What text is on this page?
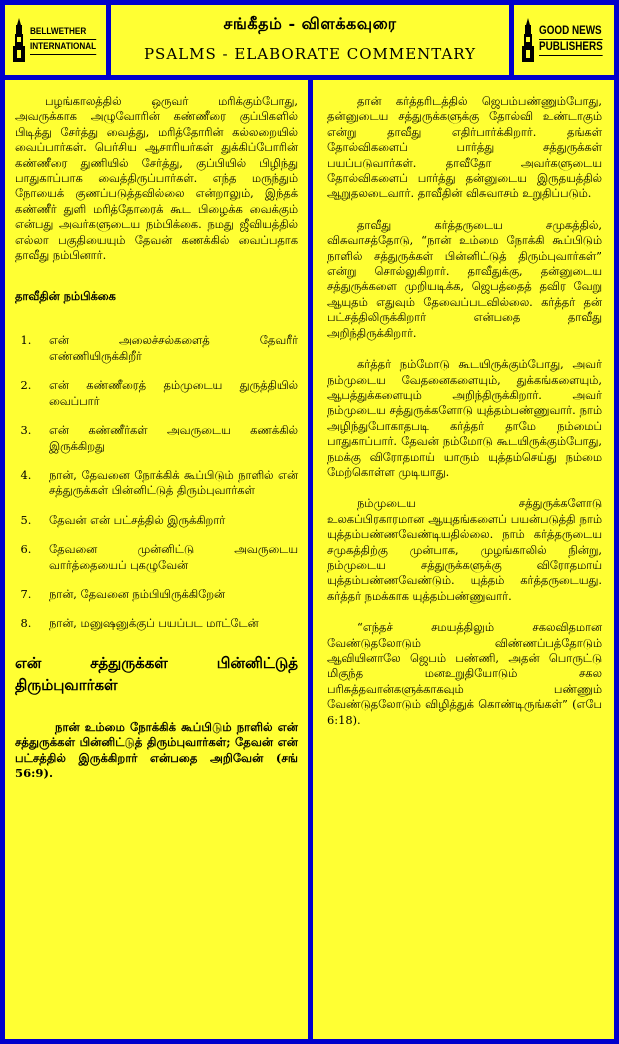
BELLWETHER
INTERNATIONAL
சங்கீதம் - விளக்கவுரை
PSALMS - ELABORATE COMMENTARY
GOOD NEWS
PUBLISHERS

பழங்காலத்தில் ஒருவர் மரிக்கும்போது, அவருக்காக அழுவோரின் கண்ணீரை குப்பிகளில் பிடித்து சேர்த்து வைத்து, மரித்தோரின் கல்லறையில் வைப்பார்கள். பெர்சிய ஆசாரியர்கள் துக்கிப்போரின் கண்ணீரை துணியில் சேர்த்து, குப்பியில் பிழிந்து பாதுகாப்பாக வைத்திருப்பார்கள். எந்த மருந்தும் நோயைக் குணப்படுத்தவில்லை என்றாலும், இந்தக் கண்ணீர் துளி மரித்தோரைக் கூட பிழைக்க வைக்கும் என்பது அவர்களுடைய நம்பிக்கை. நமது ஜீவியத்தில் எல்லா பகுதியையும் தேவன் கணக்கில் வைப்பதாக தாவீது நம்பினார்.

தாவீதின் நம்பிக்கை
1. என் அலைச்சல்களைத் தேவரீர் எண்ணியிருக்கிறீர்
2. என் கண்ணீரைத் தம்முடைய துருத்தியில் வைப்பார்
3. என் கண்ணீர்கள் அவருடைய கணக்கில் இருக்கிறது
4. நான், தேவனை நோக்கிக் கூப்பிடும் நாளில் என் சத்துருக்கள் பின்னிட்டுத் திரும்புவார்கள்
5. தேவன் என் பட்சத்தில் இருக்கிறார்
6. தேவனை முன்னிட்டு அவருடைய வார்த்தையைப் புகழுவேன்
7. நான், தேவனை நம்பியிருக்கிறேன்
8. நான், மனுஷனுக்குப் பயப்பட மாட்டேன்
என் சத்துருக்கள் பின்னிட்டுத் திரும்புவார்கள்

நான் உம்மை நோக்கிக் கூப்பிடும் நாளில் என் சத்துருக்கள் பின்னிட்டுத் திரும்புவார்கள்; தேவன் என் பட்சத்தில் இருக்கிறார் என்பதை அறிவேன் (சங் 56:9).

தான் கர்த்தரிடத்தில் ஜெபம்பண்ணும்போது, தன்னுடைய சத்துருக்களுக்கு தோல்வி உண்டாகும் என்று தாவீது எதிர்பார்க்கிறார். தங்கள் தோல்விகளைப் பார்த்து சத்துருக்கள் பயப்படுவார்கள். தாவீதோ அவர்களுடைய தோல்விகளைப் பார்த்து தன்னுடைய இருதயத்தில் ஆறுதலடைவார். தாவீதின் விசுவாசம் உறுதிப்படும்.

தாவீது கர்த்தருடைய சமுகத்தில், விசுவாசத்தோடு, “நான் உம்மை நோக்கி கூப்பிடும் நாளில் சத்துருக்கள் பின்னிட்டுத் திரும்புவார்கள்” என்று சொல்லுகிறார். தாவீதுக்கு, தன்னுடைய சத்துருக்களை முறியடிக்க, ஜெபத்தைத் தவிர வேறு ஆயுதம் எதுவும் தேவைப்படவில்லை. கர்த்தர் தன் பட்சத்திலிருக்கிறார் என்பதை தாவீது அறிந்திருக்கிறார்.

கர்த்தர் நம்மோடு கூடயிருக்கும்போது, அவர் நம்முடைய வேதனைகளையும், துக்கங்களையும், ஆபத்துக்களையும் அறிந்திருக்கிறார். அவர் நம்முடைய சத்துருக்களோடு யுத்தம்பண்ணுவார். நாம் அழிந்துபோகாதபடி கர்த்தர் தாமே நம்மைப் பாதுகாப்பார். தேவன் நம்மோடு கூடயிருக்கும்போது, நமக்கு விரோதமாய் யாரும் யுத்தம்செய்து நம்மை மேற்கொள்ள முடியாது.

நம்முடைய சத்துருக்களோடு உலகப்பிரகாரமான ஆயுதங்களைப் பயன்படுத்தி நாம் யுத்தம்பண்ணவேண்டியதில்லை. நாம் கர்த்தருடைய சமுகத்திற்கு முன்பாக, முழங்காலில் நின்று, நம்முடைய சத்துருக்களுக்கு விரோதமாய் யுத்தம்பண்ணவேண்டும். யுத்தம் கர்த்தருடையது. கர்த்தர் நமக்காக யுத்தம்பண்ணுவார்.

“எந்தச் சமயத்திலும் சகலவிதமான வேண்டுதலோடும் விண்ணப்பத்தோடும் ஆவியினாலே ஜெபம் பண்ணி, அதன் பொருட்டு மிகுந்த மனஉறுதியோடும் சகல பரிசுத்தவான்களுக்காகவும் பண்ணும் வேண்டுதலோடும் விழித்துக் கொண்டிருங்கள்” (எபே 6:18).
